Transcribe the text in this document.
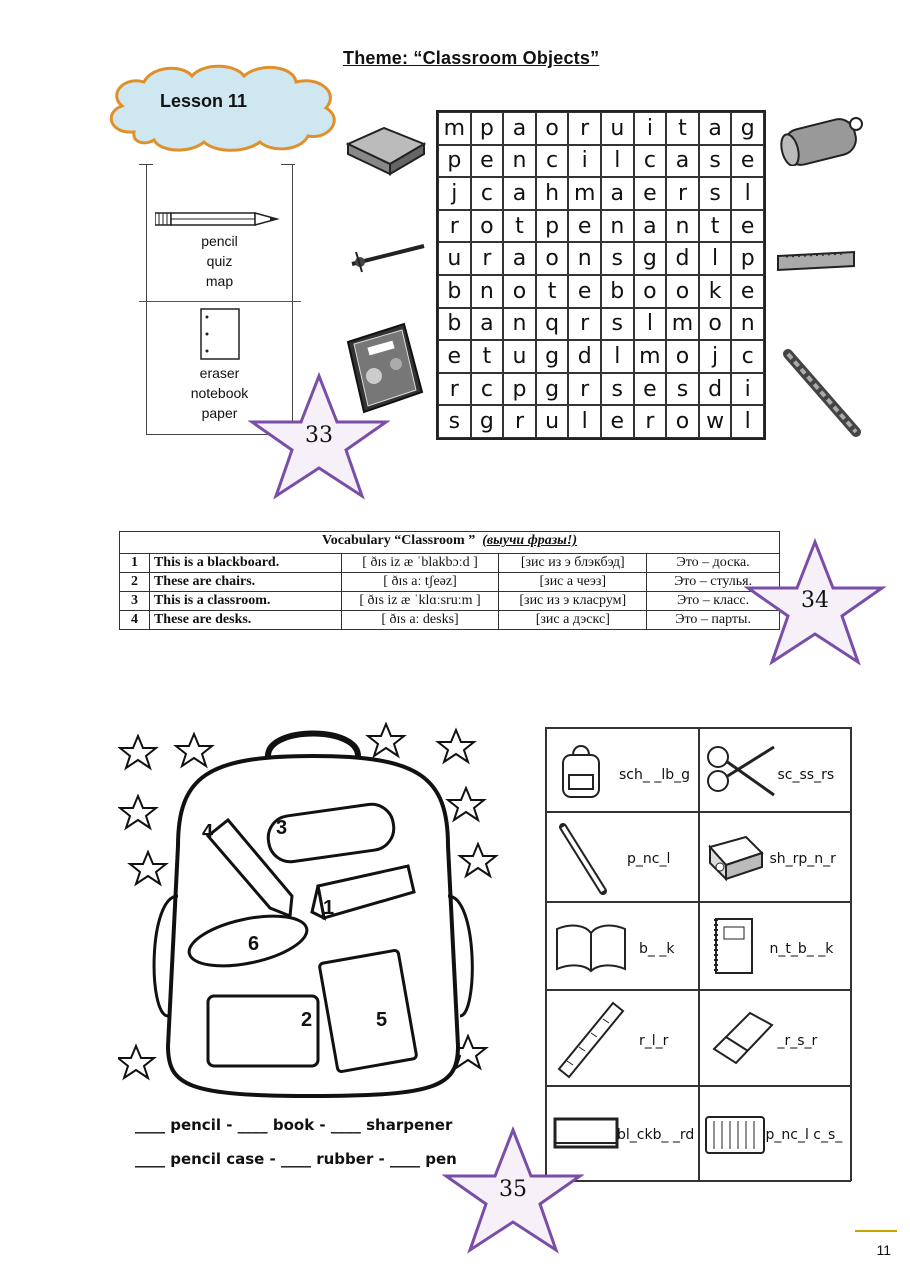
Theme: “Classroom Objects”
Lesson 11
pencil
quiz
map
eraser
notebook
paper
m p a o r u	i	t a g
p e n c	i	l	c a s e
j	c a h m a e r	s	l
r o t p e n a n t e
u r a o n s g d	l	p
b n o t e b o o k e
b a n q r	s	l m o n
e t u g d	l m o	j	c
r	c p g r	s e s d	i
s g r u	l	e r o w l
33
Vocabulary “Classroom ” (выучи фразы!)				
1	This is a blackboard.	[ ðɪs iz æ ˈblakbɔːd ]	[зис из э блэкбэд]	Это – доска.
2	These are chairs.	[ ðɪs aː tʃeəz]	[зис а чеэз]	Это – стулья.
3	This is a classroom.	[ ðɪs iz æ ˈklɑːsruːm ]	[зис из э класрум]	Это – класс.
4	These are desks.	[ ðɪs aː desks]	[зис а дэскс]	Это – парты.
34
1
2
3
4
5
6
____ pencil - ____ book - ____ sharpener
____ pencil case - ____ rubber - ____ pen
sch_ _lb_g	sc_ss_rs
p_nc_l	sh_rp_n_r
b_ _k	n_t_b_ _k
r_l_r	_r_s_r
bl_ckb_ _rd	p_nc_l c_s_
35
11
